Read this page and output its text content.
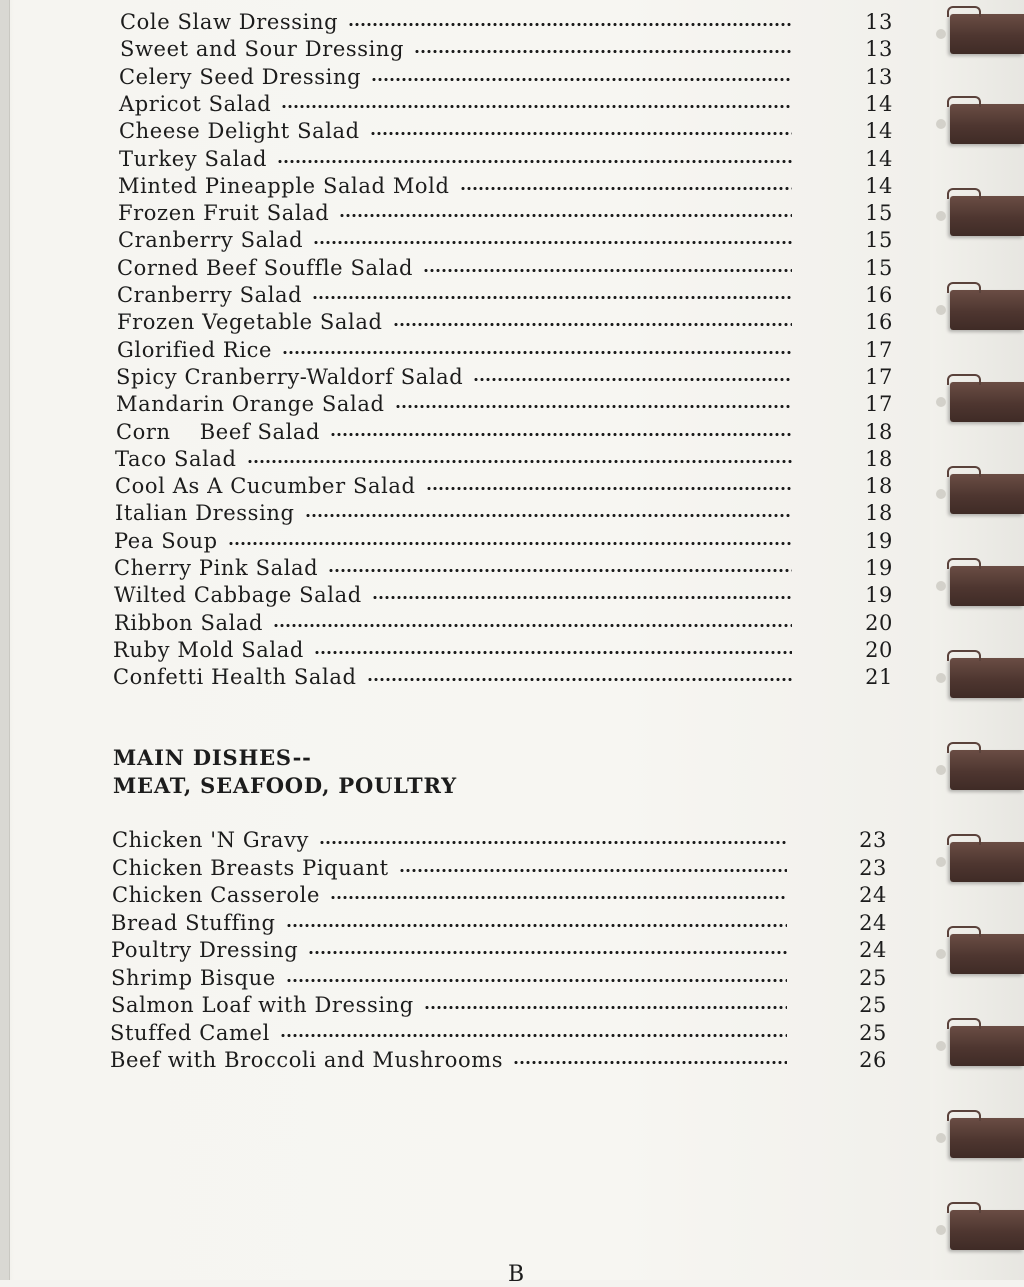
Cole Slaw Dressing	13
Sweet and Sour Dressing	13
Celery Seed Dressing	13
Apricot Salad	14
Cheese Delight Salad	14
Turkey Salad	14
Minted Pineapple Salad Mold	14
Frozen Fruit Salad	15
Cranberry Salad	15
Corned Beef Souffle Salad	15
Cranberry Salad	16
Frozen Vegetable Salad	16
Glorified Rice	17
Spicy Cranberry-Waldorf Salad	17
Mandarin Orange Salad	17
Corn    Beef Salad	18
Taco Salad	18
Cool As A Cucumber Salad	18
Italian Dressing	18
Pea Soup	19
Cherry Pink Salad	19
Wilted Cabbage Salad	19
Ribbon Salad	20
Ruby Mold Salad	20
Confetti Health Salad	21
MAIN DISHES--
MEAT, SEAFOOD, POULTRY
Chicken 'N Gravy	23
Chicken Breasts Piquant	23
Chicken Casserole	24
Bread Stuffing	24
Poultry Dressing	24
Shrimp Bisque	25
Salmon Loaf with Dressing	25
Stuffed Camel	25
Beef with Broccoli and Mushrooms	26
B
